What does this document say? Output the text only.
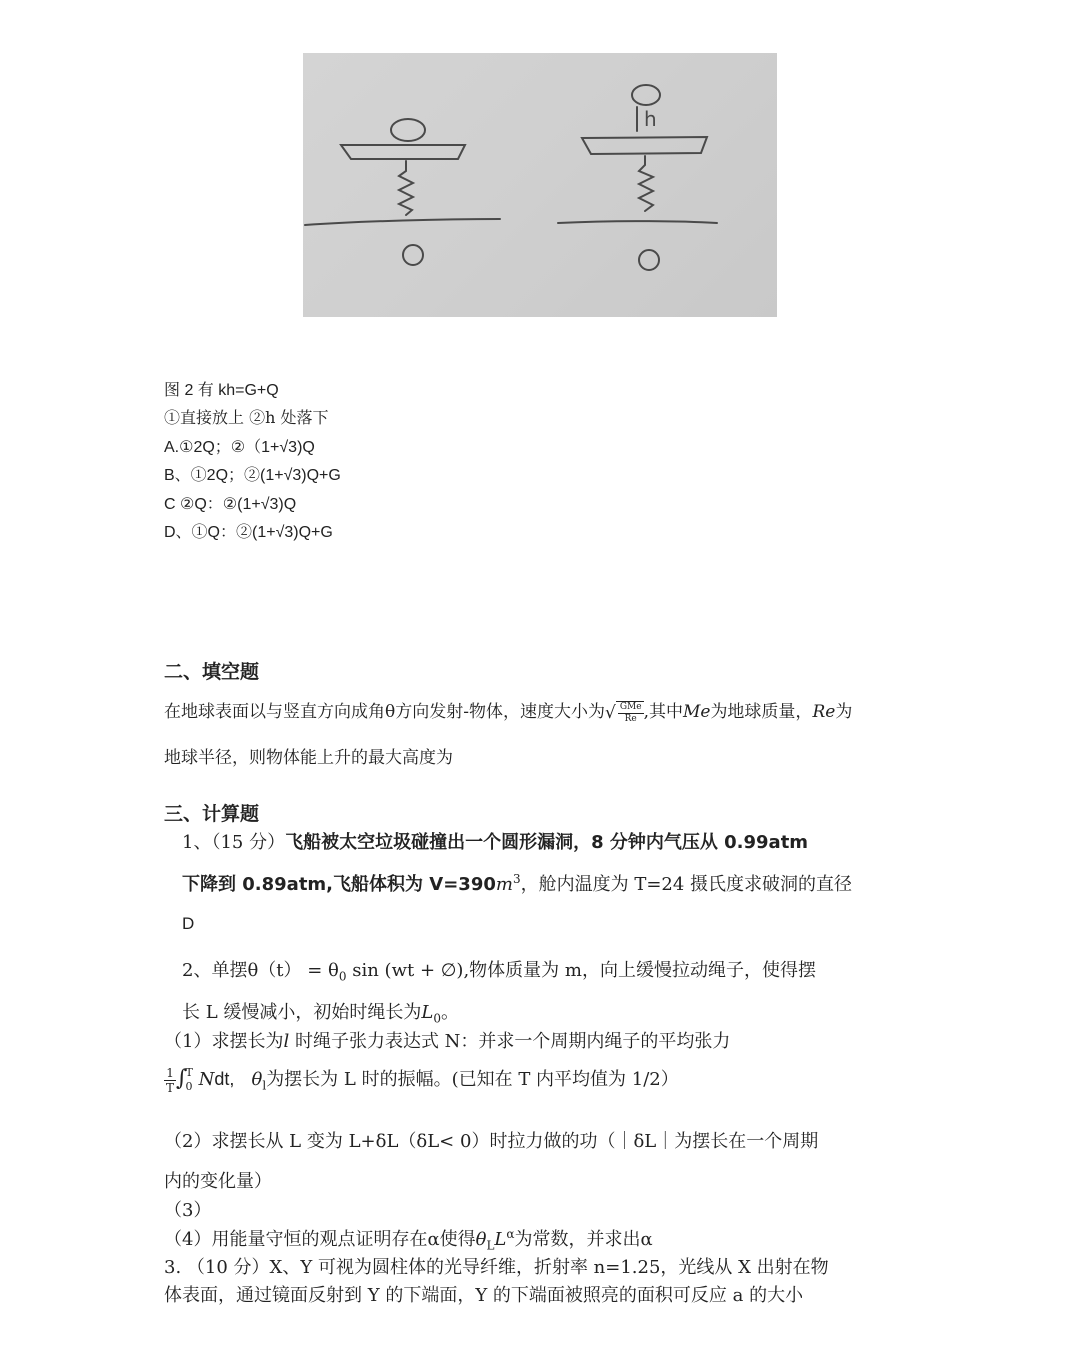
h
图 2 有 kh=G+Q
①直接放上 ②h 处落下
A.①2Q；②（1+√3)Q
B、①2Q；②(1+√3)Q+G
C ②Q：②(1+√3)Q
D、①Q：②(1+√3)Q+G
二、填空题
在地球表面以与竖直方向成角θ方向发射-物体，速度大小为√ $\frac{\text{GMe}}{Re}$ ,其中Me为地球质量，Re为
地球半径，则物体能上升的最大高度为
三、计算题
1、（15 分）飞船被太空垃圾碰撞出一个圆形漏洞，8 分钟内气压从 0.99atm
下降到 0.89atm,飞船体积为 $V=390m^3$，舱内温度为 T=24 摄氏度求破洞的直径
D
2、单摆$\theta(t) = \theta_0$ sin (wt + ∅),物体质量为 m，向上缓慢拉动绳子，使得摆
长 L 缓慢减小，初始时绳长为$L_0$。
（1）求摆长为l 时绳子张力表达式 N：并求一个周期内绳子的平均张力
$\frac{1}{T}$ ∫
T
0 Ndt, $\theta_l$为摆长为 L 时的振幅。(已知在 T 内平均值为 1/2）
（2）求摆长从 L 变为 L+δL（δL< 0）时拉力做的功（｜δL｜为摆长在一个周期
内的变化量）
（3）
（4）用能量守恒的观点证明存在α使得$\theta_LL^\alpha$为常数，并求出α
3. （10 分）X、Y 可视为圆柱体的光导纤维，折射率 n=1.25，光线从 X 出射在物
体表面，通过镜面反射到 Y 的下端面，Y 的下端面被照亮的面积可反应 a 的大小
